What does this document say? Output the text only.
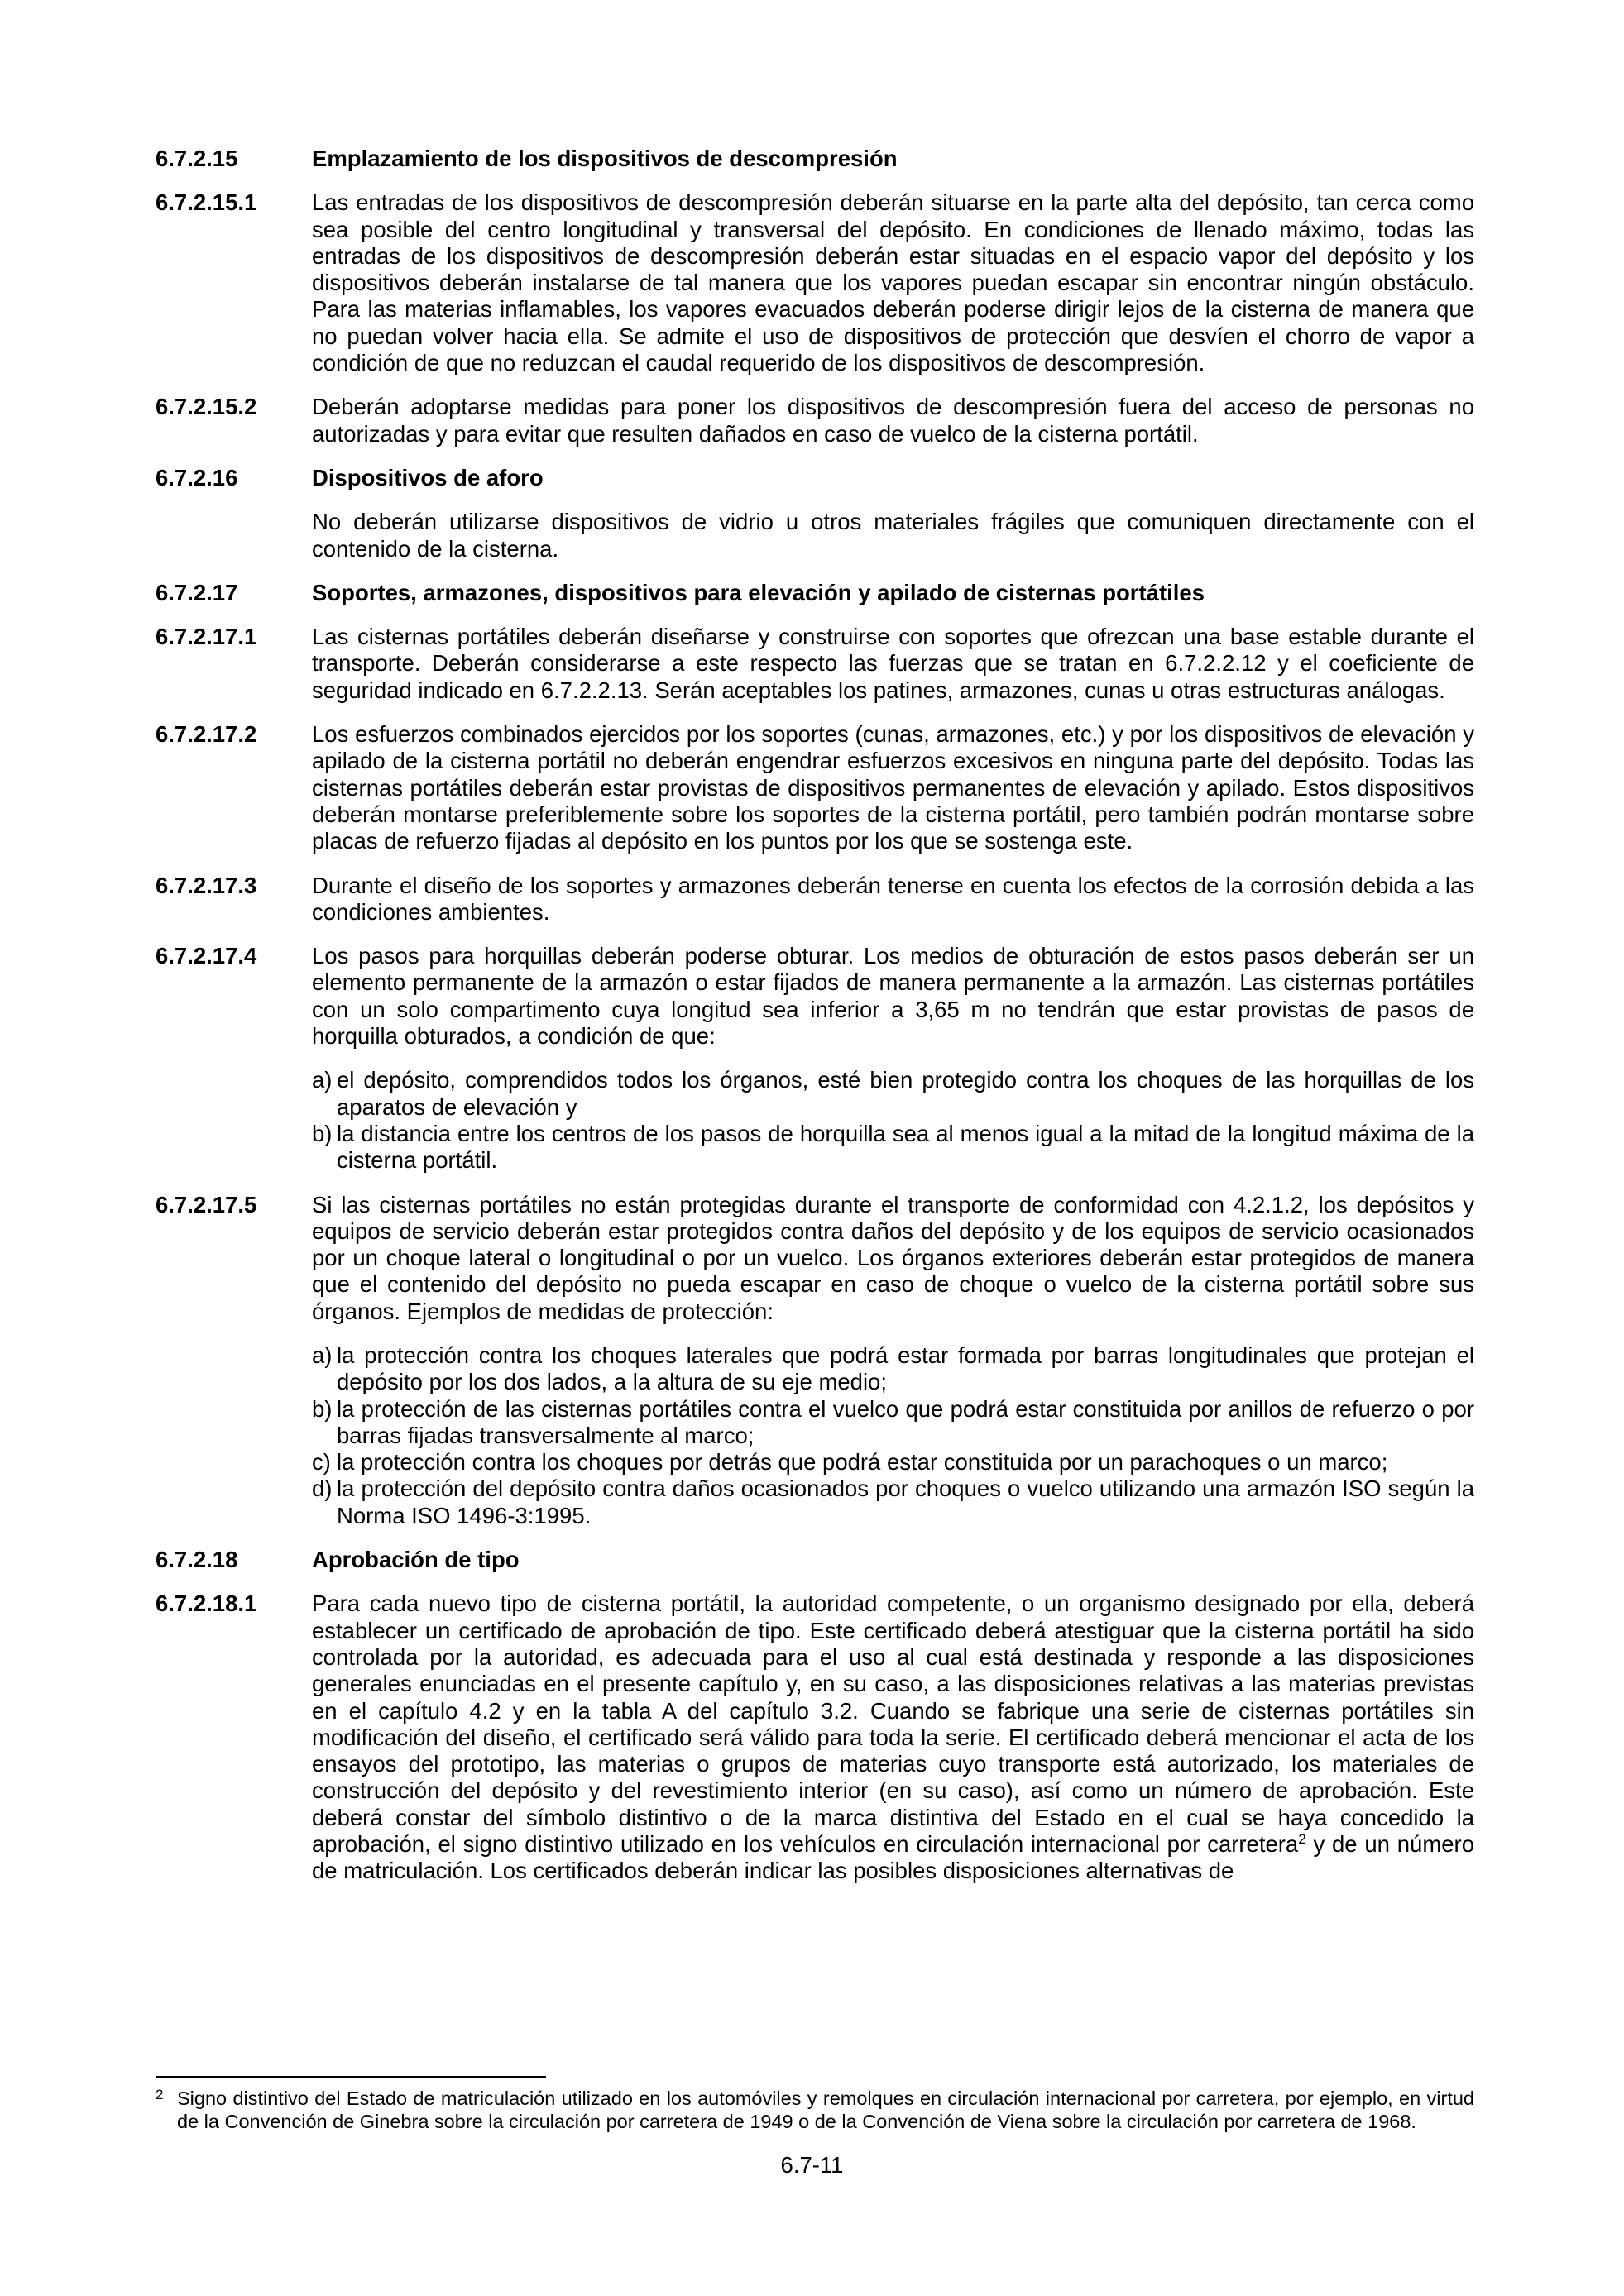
6.7.2.15	Emplazamiento de los dispositivos de descompresión
6.7.2.15.1	Las entradas de los dispositivos de descompresión deberán situarse en la parte alta del depósito, tan cerca como sea posible del centro longitudinal y transversal del depósito. En condiciones de llenado máximo, todas las entradas de los dispositivos de descompresión deberán estar situadas en el espacio vapor del depósito y los dispositivos deberán instalarse de tal manera que los vapores puedan escapar sin encontrar ningún obstáculo. Para las materias inflamables, los vapores evacuados deberán poderse dirigir lejos de la cisterna de manera que no puedan volver hacia ella. Se admite el uso de dispositivos de protección que desvíen el chorro de vapor a condición de que no reduzcan el caudal requerido de los dispositivos de descompresión.
6.7.2.15.2	Deberán adoptarse medidas para poner los dispositivos de descompresión fuera del acceso de personas no autorizadas y para evitar que resulten dañados en caso de vuelco de la cisterna portátil.
6.7.2.16	Dispositivos de aforo
No deberán utilizarse dispositivos de vidrio u otros materiales frágiles que comuniquen directamente con el contenido de la cisterna.
6.7.2.17	Soportes, armazones, dispositivos para elevación y apilado de cisternas portátiles
6.7.2.17.1	Las cisternas portátiles deberán diseñarse y construirse con soportes que ofrezcan una base estable durante el transporte. Deberán considerarse a este respecto las fuerzas que se tratan en 6.7.2.2.12 y el coeficiente de seguridad indicado en 6.7.2.2.13. Serán aceptables los patines, armazones, cunas u otras estructuras análogas.
6.7.2.17.2	Los esfuerzos combinados ejercidos por los soportes (cunas, armazones, etc.) y por los dispositivos de elevación y apilado de la cisterna portátil no deberán engendrar esfuerzos excesivos en ninguna parte del depósito. Todas las cisternas portátiles deberán estar provistas de dispositivos permanentes de elevación y apilado. Estos dispositivos deberán montarse preferiblemente sobre los soportes de la cisterna portátil, pero también podrán montarse sobre placas de refuerzo fijadas al depósito en los puntos por los que se sostenga este.
6.7.2.17.3	Durante el diseño de los soportes y armazones deberán tenerse en cuenta los efectos de la corrosión debida a las condiciones ambientes.
6.7.2.17.4	Los pasos para horquillas deberán poderse obturar. Los medios de obturación de estos pasos deberán ser un elemento permanente de la armazón o estar fijados de manera permanente a la armazón. Las cisternas portátiles con un solo compartimento cuya longitud sea inferior a 3,65 m no tendrán que estar provistas de pasos de horquilla obturados, a condición de que:

a) el depósito, comprendidos todos los órganos, esté bien protegido contra los choques de las horquillas de los aparatos de elevación y
b) la distancia entre los centros de los pasos de horquilla sea al menos igual a la mitad de la longitud máxima de la cisterna portátil.
6.7.2.17.5	Si las cisternas portátiles no están protegidas durante el transporte de conformidad con 4.2.1.2, los depósitos y equipos de servicio deberán estar protegidos contra daños del depósito y de los equipos de servicio ocasionados por un choque lateral o longitudinal o por un vuelco. Los órganos exteriores deberán estar protegidos de manera que el contenido del depósito no pueda escapar en caso de choque o vuelco de la cisterna portátil sobre sus órganos. Ejemplos de medidas de protección:

a) la protección contra los choques laterales que podrá estar formada por barras longitudinales que protejan el depósito por los dos lados, a la altura de su eje medio;
b) la protección de las cisternas portátiles contra el vuelco que podrá estar constituida por anillos de refuerzo o por barras fijadas transversalmente al marco;
c) la protección contra los choques por detrás que podrá estar constituida por un parachoques o un marco;
d) la protección del depósito contra daños ocasionados por choques o vuelco utilizando una armazón ISO según la Norma ISO 1496-3:1995.
6.7.2.18	Aprobación de tipo
6.7.2.18.1	Para cada nuevo tipo de cisterna portátil, la autoridad competente, o un organismo designado por ella, deberá establecer un certificado de aprobación de tipo. Este certificado deberá atestiguar que la cisterna portátil ha sido controlada por la autoridad, es adecuada para el uso al cual está destinada y responde a las disposiciones generales enunciadas en el presente capítulo y, en su caso, a las disposiciones relativas a las materias previstas en el capítulo 4.2 y en la tabla A del capítulo 3.2. Cuando se fabrique una serie de cisternas portátiles sin modificación del diseño, el certificado será válido para toda la serie. El certificado deberá mencionar el acta de los ensayos del prototipo, las materias o grupos de materias cuyo transporte está autorizado, los materiales de construcción del depósito y del revestimiento interior (en su caso), así como un número de aprobación. Este deberá constar del símbolo distintivo o de la marca distintiva del Estado en el cual se haya concedido la aprobación, el signo distintivo utilizado en los vehículos en circulación internacional por carretera$^2$ y de un número de matriculación. Los certificados deberán indicar las posibles disposiciones alternativas de
2 Signo distintivo del Estado de matriculación utilizado en los automóviles y remolques en circulación internacional por carretera, por ejemplo, en virtud de la Convención de Ginebra sobre la circulación por carretera de 1949 o de la Convención de Viena sobre la circulación por carretera de 1968.
6.7-11
